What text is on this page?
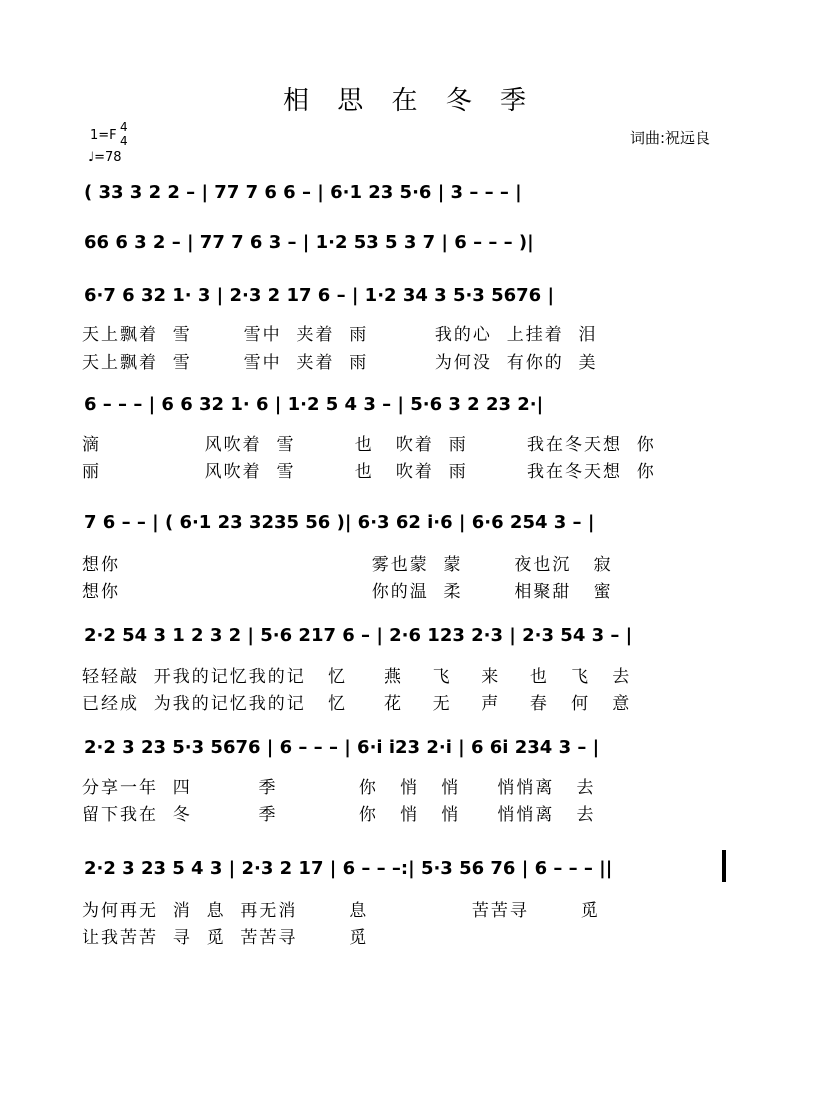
相 思 在 冬 季
1=F
4
4
♩=78
词曲:祝远良
( 33 3 2 2 – | 77 7 6 6 – | 6·1 23 5·6 | 3 – – – |
66 6 3 2 – | 77 7 6 3 – | 1·2 53 5 3 7 | 6 – – – )|
6·7 6 32 1· 3 | 2·3 2 17 6 – | 1·2 34 3 5·3 5676 |
6 – – – | 6 6 32 1· 6 | 1·2 5 4 3 – | 5·6 3 2 23 2·|
7 6 – – | ( 6·1 23 3235 56 )| 6·3 62 i·6 | 6·6 254 3 – |
2·2 54 3 1 2 3 2 | 5·6 217 6 – | 2·6 123 2·3 | 2·3 54 3 – |
2·2 3 23 5·3 5676 | 6 – – – | 6·i i23 2·i | 6 6i 234 3 – |
2·2 3 23 5 4 3 | 2·3 2 17 | 6 – – –:| 5·3 56 76 | 6 – – – ||
天上飘着  雪       雪中  夹着  雨         我的心  上挂着  泪
天上飘着  雪       雪中  夹着  雨         为何没  有你的  美
滴              风吹着  雪        也   吹着  雨        我在冬天想  你
丽              风吹着  雪        也   吹着  雨        我在冬天想  你
想你                                  雾也蒙  蒙       夜也沉   寂
想你                                  你的温  柔       相聚甜   蜜
轻轻敲  开我的记忆我的记   忆     燕    飞    来    也   飞   去
已经成  为我的记忆我的记   忆     花    无    声    春   何   意
分享一年  四         季           你   悄   悄     悄悄离   去
留下我在  冬         季           你   悄   悄     悄悄离   去
为何再无  消  息  再无消       息              苦苦寻       觅
让我苦苦  寻  觅  苦苦寻       觅
